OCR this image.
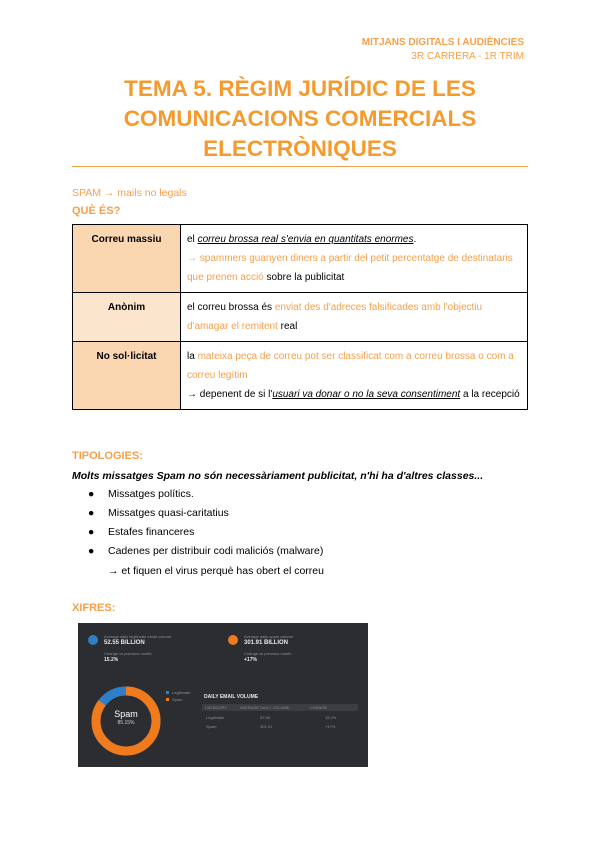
MITJANS DIGITALS I AUDIÈNCIES
3R CARRERA - 1R TRIM
TEMA 5. RÈGIM JURÍDIC DE LES
COMUNICACIONS COMERCIALS
ELECTRÒNIQUES
SPAM → mails no legals
QUÈ ÉS?
Correu massiu	el correu brossa real s'envia en quantitats enormes.
→ spammers guanyen diners a partir del petit percentatge de destinataris que prenen acció sobre la publicitat
Anònim	el correu brossa és enviat des d'adreces falsificades amb l'objectiu d'amagar el remitent real
No sol·licitat	la mateixa peça de correu pot ser classificat com a correu brossa o com a correu legítim
→ depenent de si l'usuari va donar o no la seva consentiment a la recepció
TIPOLOGIES:
Molts missatges Spam no són necessàriament publicitat, n'hi ha d'altres classes...
● Missatges polítics.
● Missatges quasi-caritatius
● Estafes financeres
● Cadenes per distribuir codi maliciós (malware)
→ et fiquen el virus perquè has obert el correu
XIFRES:
Average daily legitimate email volume
52.55 BILLION
Change vs previous month
15.2%
Average daily spam volume
301.91 BILLION
Change vs previous month
+17%
Spam
85.15%
Legitimate
Spam	DAILY EMAIL VOLUME
CATEGORY	AVERAGE DAILY VOLUME	CHANGE
Legitimate	52.55	15.2%
Spam	301.91	+17%
